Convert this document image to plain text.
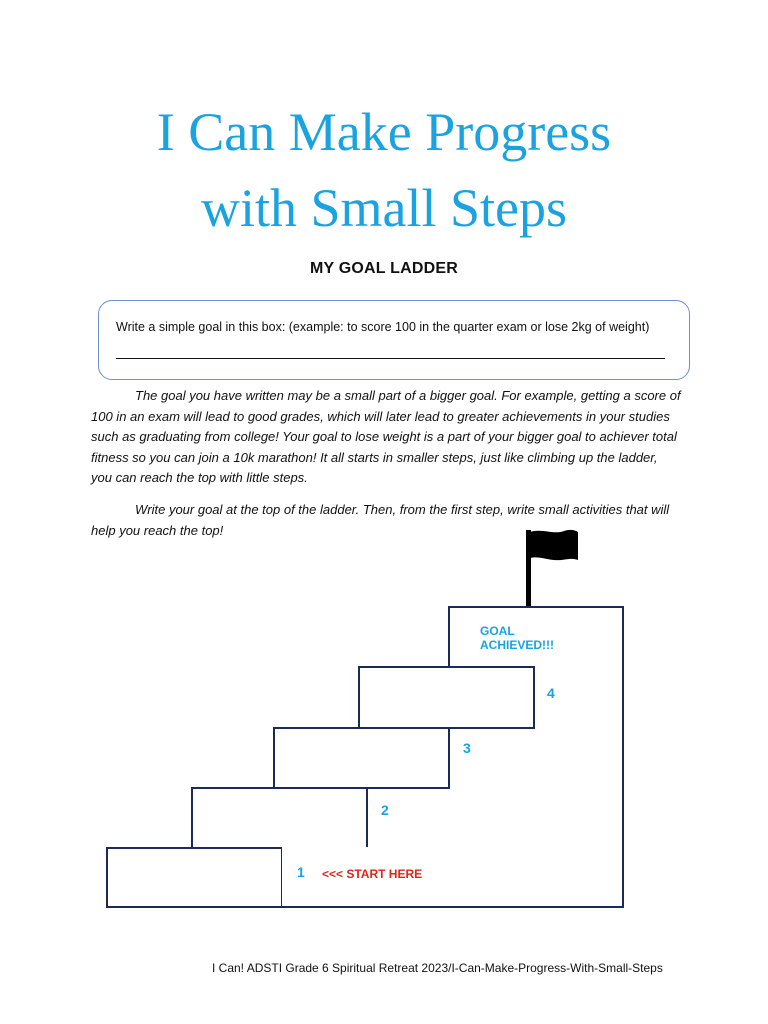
I Can Make Progress
with Small Steps
MY GOAL LADDER
Write a simple goal in this box: (example: to score 100 in the quarter exam or lose 2kg of weight)

The goal you have written may be a small part of a bigger goal. For example, getting a score of 100 in an exam will lead to good grades, which will later lead to greater achievements in your studies such as graduating from college! Your goal to lose weight is a part of your bigger goal to achiever total fitness so you can join a 10k marathon! It all starts in smaller steps, just like climbing up the ladder, you can reach the top with little steps.

Write your goal at the top of the ladder. Then, from the first step, write small activities that will help you reach the top!

GOAL ACHIEVED!!!
4
3
2
1 <<< START HERE
I Can! ADSTI Grade 6 Spiritual Retreat 2023/I-Can-Make-Progress-With-Small-Steps
